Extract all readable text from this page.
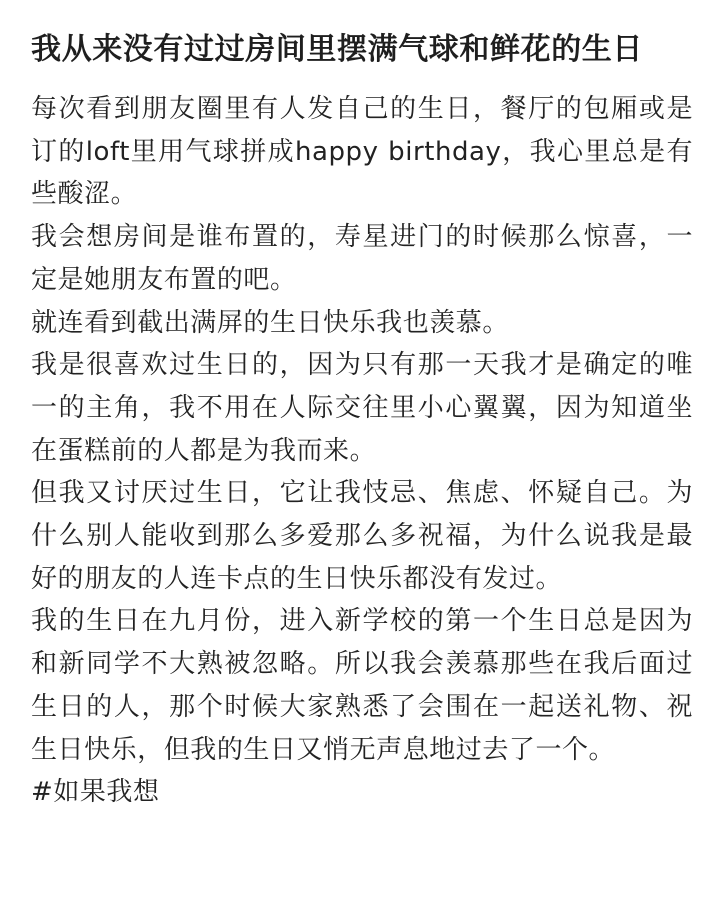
我从来没有过过房间里摆满气球和鲜花的生日

每次看到朋友圈里有人发自己的生日，餐厅的包厢或是订的loft里用气球拼成happy birthday，我心里总是有些酸涩。

我会想房间是谁布置的，寿星进门的时候那么惊喜，一定是她朋友布置的吧。

就连看到截出满屏的生日快乐我也羡慕。

我是很喜欢过生日的，因为只有那一天我才是确定的唯一的主角，我不用在人际交往里小心翼翼，因为知道坐在蛋糕前的人都是为我而来。

但我又讨厌过生日，它让我忮忌、焦虑、怀疑自己。为什么别人能收到那么多爱那么多祝福，为什么说我是最好的朋友的人连卡点的生日快乐都没有发过。

我的生日在九月份，进入新学校的第一个生日总是因为和新同学不大熟被忽略。所以我会羡慕那些在我后面过生日的人，那个时候大家熟悉了会围在一起送礼物、祝生日快乐，但我的生日又悄无声息地过去了一个。

#如果我想
